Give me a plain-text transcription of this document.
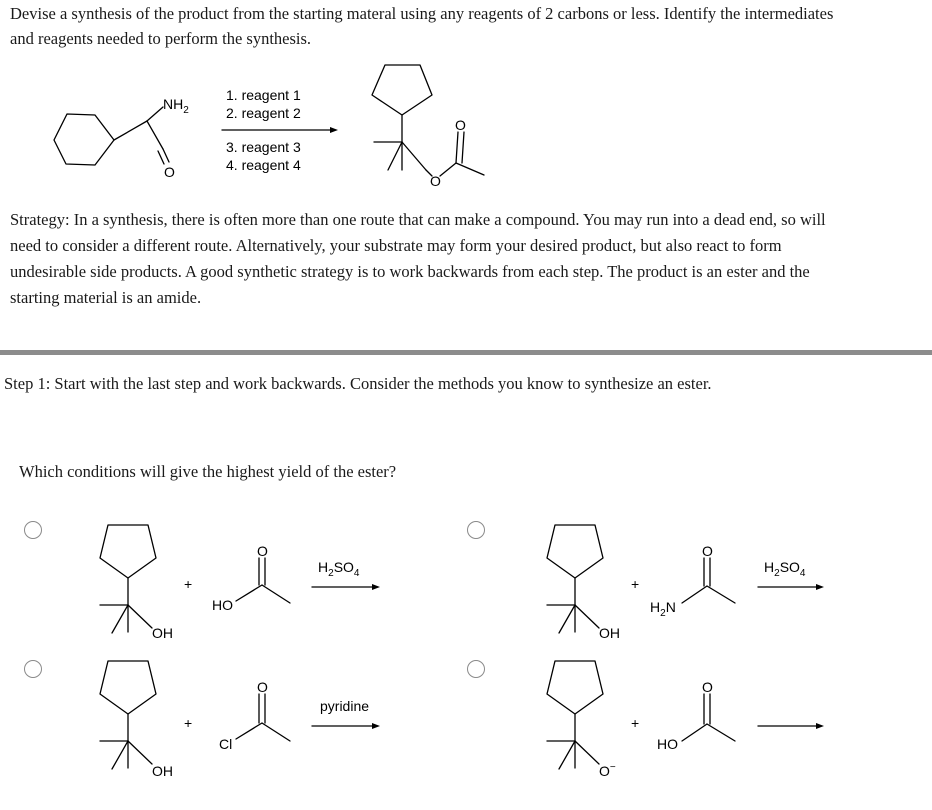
Devise a synthesis of the product from the starting materal using any reagents of 2 carbons or less. Identify the intermediates
and reagents needed to perform the synthesis.
$NH_2$
O
1. reagent 1
2. reagent 2
3. reagent 3
4. reagent 4
O
O
OH
+
HO
O
$H_2SO_4$
OH
+
$H_2N$
O
$H_2SO_4$
OH
+
Cl
O
pyridine
O−
+
HO
O
Strategy: In a synthesis, there is often more than one route that can make a compound. You may run into a dead end, so will
need to consider a different route. Alternatively, your substrate may form your desired product, but also react to form
undesirable side products. A good synthetic strategy is to work backwards from each step. The product is an ester and the
starting material is an amide.
Step 1: Start with the last step and work backwards. Consider the methods you know to synthesize an ester.
Which conditions will give the highest yield of the ester?
